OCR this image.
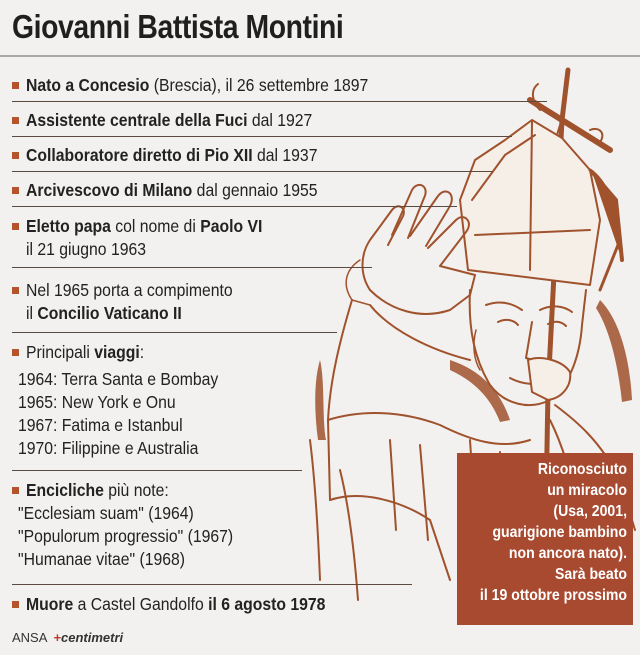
Giovanni Battista Montini
Nato a Concesio (Brescia), il 26 settembre 1897
Assistente centrale della Fuci dal 1927
Collaboratore diretto di Pio XII dal 1937
Arcivescovo di Milano dal gennaio 1955
Eletto papa col nome di Paolo VI
il 21 giugno 1963
Nel 1965 porta a compimento
il Concilio Vaticano II
Principali viaggi:
1964: Terra Santa e Bombay
1965: New York e Onu
1967: Fatima e Istanbul
1970: Filippine e Australia
Encicliche più note:
"Ecclesiam suam" (1964)
"Populorum progressio" (1967)
"Humanae vitae" (1968)
Muore a Castel Gandolfo il 6 agosto 1978
Riconosciuto
un miracolo
(Usa, 2001,
guarigione bambino
non ancora nato).
Sarà beato
il 19 ottobre prossimo
ANSA +centimetri
